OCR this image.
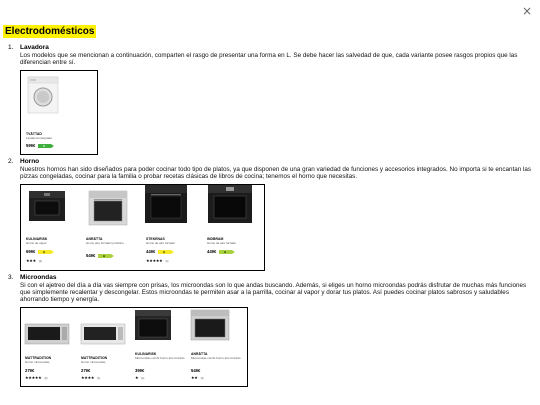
×
Electrodomésticos
1. Lavadora
Los modelos que se mencionan a continuación, comparten el rasgo de presentar una forma en L. Se debe hacer las salvedad de que, cada variante posee rasgos propios que las diferencian entre sí.
TVÄTTAD
Lavadora integrada
599€	A
2. Horno
Nuestros hornos han sido diseñados para poder cocinar todo tipo de platos, ya que disponen de una gran variedad de funciones y accesorios integrados. No importa si te encantan las pizzas congeladas, cocinar para la familia o probar recetas clásicas de libros de cocina; tenemos el horno que necesitas.
KULINARISK
Horno de vapor
699€	A
★★★ (3)
ANRÄTTA
Horno aire forzado/ pirolítico
549€	A
STEKENAS
Horno de aire forzado
449€	A
★★★★★ (1)
INDBRAM
Horno de aire forzado
449€	A
3. Microondas
Si con el ajetreo del día a día vas siempre con prisas, los microondas son lo que andas buscando. Además, si eliges un horno microondas podrás disfrutar de muchas más funciones que simplemente recalentar y descongelar. Estos microondas te permiten asar a la parrilla, cocinar al vapor y dorar tus platos. Así puedes cocinar platos sabrosos y saludables ahorrando tiempo y energía.
MATTRADITION
Horno microondas
279€
★★★★★ (2)
MATTRADITION
Horno microondas
279€
★★★★ (1)
KULINARISK
Microondas combi horno aire forzado
399€
★ (1)
ANRÄTTA
Microondas combi horno aire forzado
549€
★★ (1)
